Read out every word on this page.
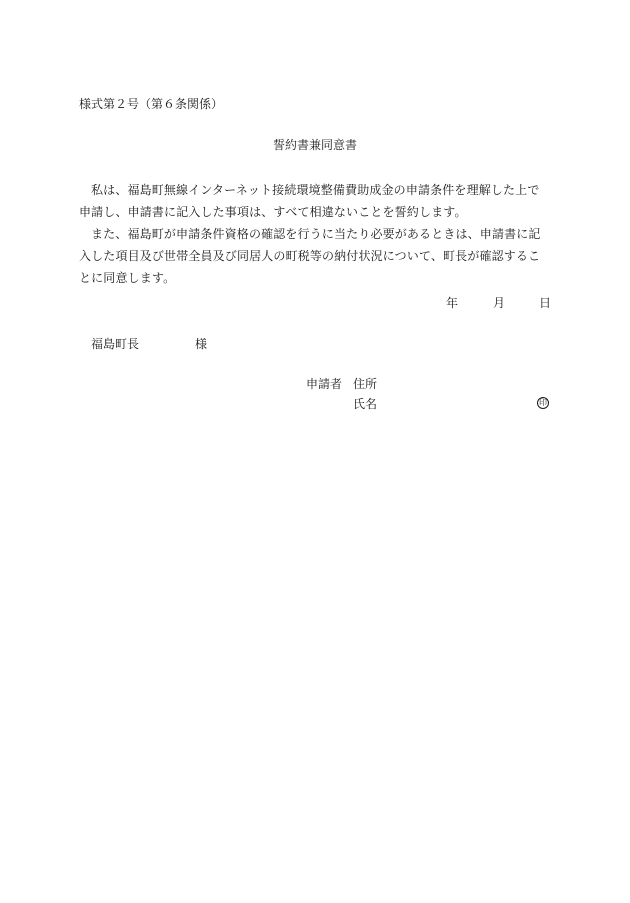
様式第２号（第６条関係）
誓約書兼同意書

私は、福島町無線インターネット接続環境整備費助成金の申請条件を理解した上で申請し、申請書に記入した事項は、すべて相違ないことを誓約します。

また、福島町が申請条件資格の確認を行うに当たり必要があるときは、申請書に記入した項目及び世帯全員及び同居人の町税等の納付状況について、町長が確認することに同意します。

年	月	日
福島町長	様
申請者 住所
氏名	印
